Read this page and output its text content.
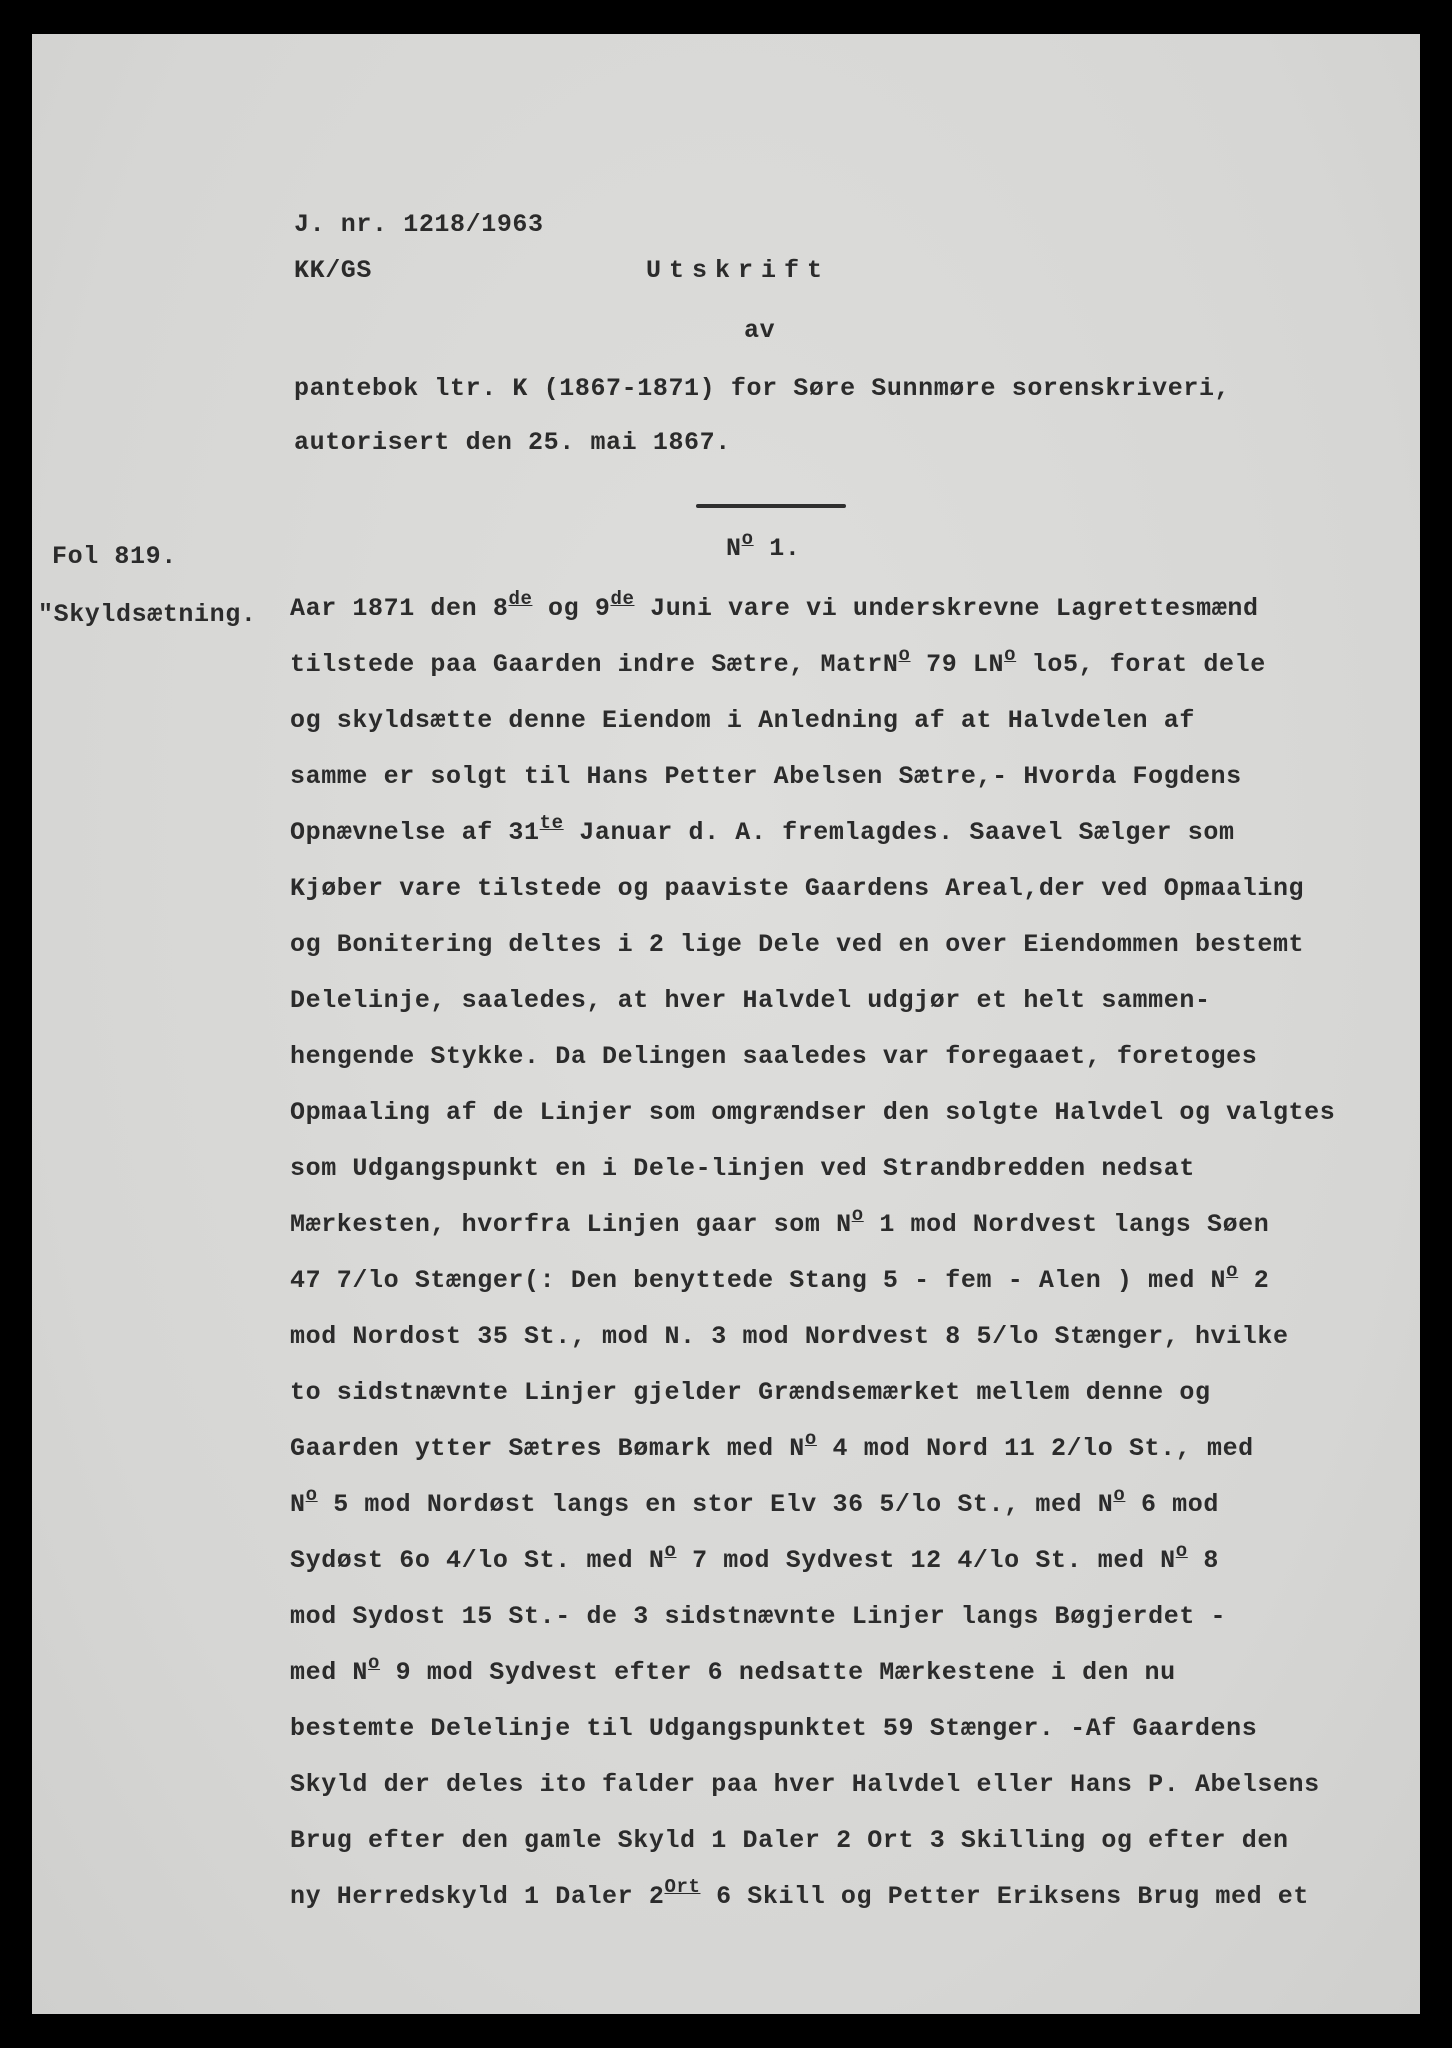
J. nr. 1218/1963
KK/GS	Utskrift
av
pantebok ltr. K (1867-1871) for Søre Sunnmøre sorenskriveri,
autorisert den 25. mai 1867.
$N^o$ 1.
Fol 819.
"Skyldsætning. Aar 1871 den 8de og 9de Juni vare vi underskrevne Lagrettesmænd
tilstede paa Gaarden indre Sætre, MatrN$^o$ 79 $LN^o$ lo5, forat dele
og skyldsætte denne Eiendom i Anledning af at Halvdelen af
samme er solgt til Hans Petter Abelsen Sætre,- Hvorda Fogdens
Opnævnelse af $31^{te}$ Januar d. A. fremlagdes. Saavel Sælger som
Kjøber vare tilstede og paaviste Gaardens Areal,der ved Opmaaling
og Bonitering deltes i 2 lige Dele ved en over Eiendommen bestemt
Delelinje, saaledes, at hver Halvdel udgjør et helt sammen-
hengende Stykke. Da Delingen saaledes var foregaaet, foretoges
Opmaaling af de Linjer som omgrændser den solgte Halvdel og valgtes
som Udgangspunkt en i Dele-linjen ved Strandbredden nedsat
Mærkesten, hvorfra Linjen gaar som $N^o$ 1 mod Nordvest langs Søen
47 7/lo Stænger(: Den benyttede Stang 5 - fem - Alen ) med $N^o$ 2
mod Nordost 35 St., mod N. 3 mod Nordvest 8 5/lo Stænger, hvilke
to sidstnævnte Linjer gjelder Grændsemærket mellem denne og
Gaarden ytter Sætres Bømark med $N^o$ 4 mod Nord 11 2/lo St., med
$N^o$ 5 mod Nordøst langs en stor Elv 36 5/lo St., med $N^o$ 6 mod
Sydøst 6o 4/lo St. med $N^o$ 7 mod Sydvest 12 4/lo St. med $N^o$ 8
mod Sydost 15 St.- de 3 sidstnævnte Linjer langs Bøgjerdet -
med $N^o$ 9 mod Sydvest efter 6 nedsatte Mærkestene i den nu
bestemte Delelinje til Udgangspunktet 59 Stænger. -Af Gaardens
Skyld der deles ito falder paa hver Halvdel eller Hans P. Abelsens
Brug efter den gamle Skyld 1 Daler 2 Ort 3 Skilling og efter den
ny Herredskyld 1 Daler $2^{Ort}$ 6 Skill og Petter Eriksens Brug med et
